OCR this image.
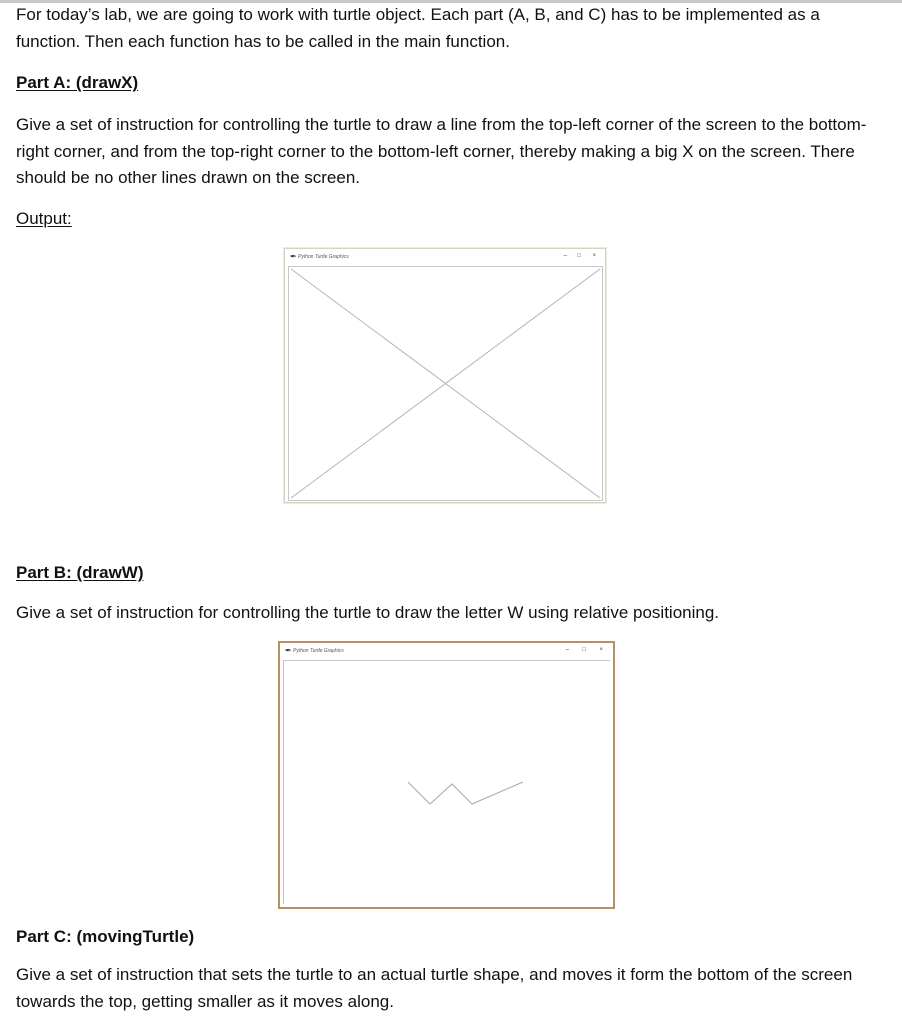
For today’s lab, we are going to work with turtle object. Each part (A, B, and C) has to be implemented as a function. Then each function has to be called in the main function.
Part A: (drawX)
Give a set of instruction for controlling the turtle to draw a line from the top-left corner of the screen to the bottom-right corner, and from the top-right corner to the bottom-left corner, thereby making a big X on the screen. There should be no other lines drawn on the screen.
Output:
✒ Python Turtle Graphics	– □ ×
Part B: (drawW)
Give a set of instruction for controlling the turtle to draw the letter W using relative positioning.
✒ Python Turtle Graphics	– □ ×
Part C: (movingTurtle)
Give a set of instruction that sets the turtle to an actual turtle shape, and moves it form the bottom of the screen towards the top, getting smaller as it moves along.
